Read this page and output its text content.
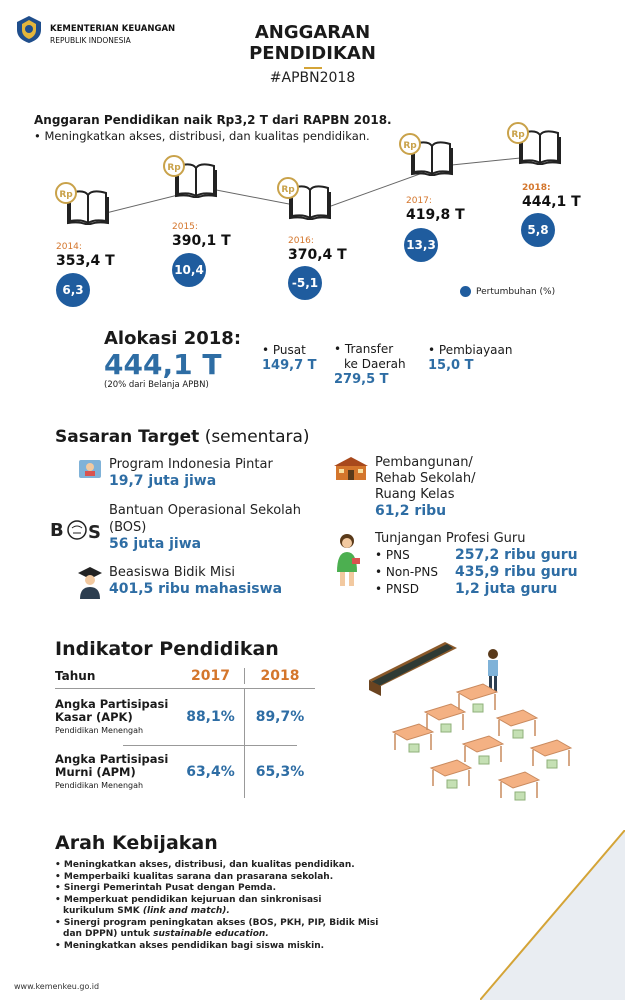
KEMENTERIAN KEUANGAN
REPUBLIK INDONESIA	ANGGARAN
PENDIDIKAN
#APBN2018
Anggaran Pendidikan naik Rp3,2 T dari RAPBN 2018.
• Meningkatkan akses, distribusi, dan kualitas pendidikan.
Rp
Rp
Rp
Rp
Rp
2014:
353,4 T
2015:
390,1 T	2016:
370,4 T
2017:
419,8 T
2018:
444,1 T
6,3
10,4
-5,1
13,3
5,8
Pertumbuhan (%)
Alokasi 2018:
444,1 T
(20% dari Belanja APBN)
• Pusat
149,7 T
• Transfer
ke Daerah
279,5 T
• Pembiayaan
15,0 T
Sasaran Target (sementara)
Program Indonesia Pintar
19,7 juta jiwa
B S
Bantuan Operasional Sekolah
(BOS)
56 juta jiwa
Beasiswa Bidik Misi
401,5 ribu mahasiswa
Pembangunan/
Rehab Sekolah/
Ruang Kelas
61,2 ribu
Tunjangan Profesi Guru
• PNS	257,2 ribu guru
• Non-PNS	435,9 ribu guru
• PNSD	1,2 juta guru
Indikator Pendidikan
Tahun	2017	2018
Angka Partisipasi
Kasar (APK)
Pendidikan Menengah
88,1%	89,7%
Angka Partisipasi
Murni (APM)
Pendidikan Menengah
63,4%	65,3%
Arah Kebijakan
• Meningkatkan akses, distribusi, dan kualitas pendidikan.
• Memperbaiki kualitas sarana dan prasarana sekolah.
• Sinergi Pemerintah Pusat dengan Pemda.
• Memperkuat pendidikan kejuruan dan sinkronisasi
kurikulum SMK (link and match).
• Sinergi program peningkatan akses (BOS, PKH, PIP, Bidik Misi
dan DPPN) untuk sustainable education.
• Meningkatkan akses pendidikan bagi siswa miskin.
www.kemenkeu.go.id
